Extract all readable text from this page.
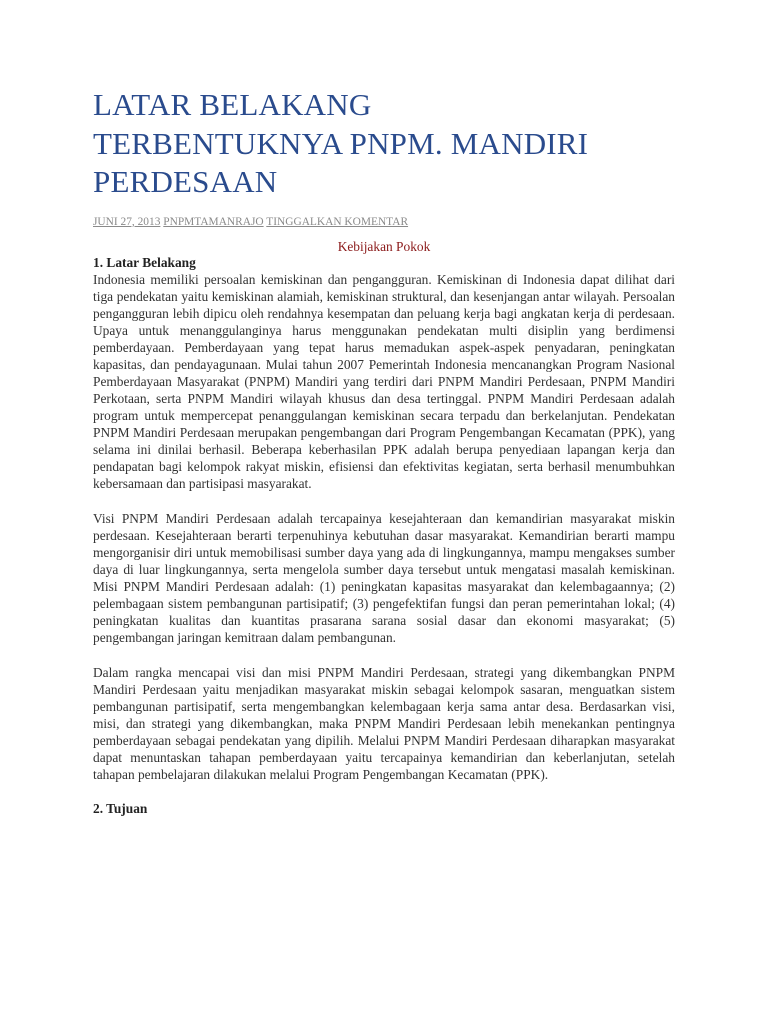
LATAR BELAKANG
TERBENTUKNYA PNPM. MANDIRI
PERDESAAN
JUNI 27, 2013 PNPMTAMANRAJO TINGGALKAN KOMENTAR
Kebijakan Pokok
1. Latar Belakang

Indonesia memiliki persoalan kemiskinan dan pengangguran. Kemiskinan di Indonesia dapat dilihat dari tiga pendekatan yaitu kemiskinan alamiah, kemiskinan struktural, dan kesenjangan antar wilayah. Persoalan pengangguran lebih dipicu oleh rendahnya kesempatan dan peluang kerja bagi angkatan kerja di perdesaan. Upaya untuk menanggulanginya harus menggunakan pendekatan multi disiplin yang berdimensi pemberdayaan. Pemberdayaan yang tepat harus memadukan aspek-aspek penyadaran, peningkatan kapasitas, dan pendayagunaan. Mulai tahun 2007 Pemerintah Indonesia mencanangkan Program Nasional Pemberdayaan Masyarakat (PNPM) Mandiri yang terdiri dari PNPM Mandiri Perdesaan, PNPM Mandiri Perkotaan, serta PNPM Mandiri wilayah khusus dan desa tertinggal. PNPM Mandiri Perdesaan adalah program untuk mempercepat penanggulangan kemiskinan secara terpadu dan berkelanjutan. Pendekatan PNPM Mandiri Perdesaan merupakan pengembangan dari Program Pengembangan Kecamatan (PPK), yang selama ini dinilai berhasil. Beberapa keberhasilan PPK adalah berupa penyediaan lapangan kerja dan pendapatan bagi kelompok rakyat miskin, efisiensi dan efektivitas kegiatan, serta berhasil menumbuhkan kebersamaan dan partisipasi masyarakat.

Visi PNPM Mandiri Perdesaan adalah tercapainya kesejahteraan dan kemandirian masyarakat miskin perdesaan. Kesejahteraan berarti terpenuhinya kebutuhan dasar masyarakat. Kemandirian berarti mampu mengorganisir diri untuk memobilisasi sumber daya yang ada di lingkungannya, mampu mengakses sumber daya di luar lingkungannya, serta mengelola sumber daya tersebut untuk mengatasi masalah kemiskinan. Misi PNPM Mandiri Perdesaan adalah: (1) peningkatan kapasitas masyarakat dan kelembagaannya; (2) pelembagaan sistem pembangunan partisipatif; (3) pengefektifan fungsi dan peran pemerintahan lokal; (4) peningkatan kualitas dan kuantitas prasarana sarana sosial dasar dan ekonomi masyarakat; (5) pengembangan jaringan kemitraan dalam pembangunan.

Dalam rangka mencapai visi dan misi PNPM Mandiri Perdesaan, strategi yang dikembangkan PNPM Mandiri Perdesaan yaitu menjadikan masyarakat miskin sebagai kelompok sasaran, menguatkan sistem pembangunan partisipatif, serta mengembangkan kelembagaan kerja sama antar desa. Berdasarkan visi, misi, dan strategi yang dikembangkan, maka PNPM Mandiri Perdesaan lebih menekankan pentingnya pemberdayaan sebagai pendekatan yang dipilih. Melalui PNPM Mandiri Perdesaan diharapkan masyarakat dapat menuntaskan tahapan pemberdayaan yaitu tercapainya kemandirian dan keberlanjutan, setelah tahapan pembelajaran dilakukan melalui Program Pengembangan Kecamatan (PPK).

2. Tujuan
